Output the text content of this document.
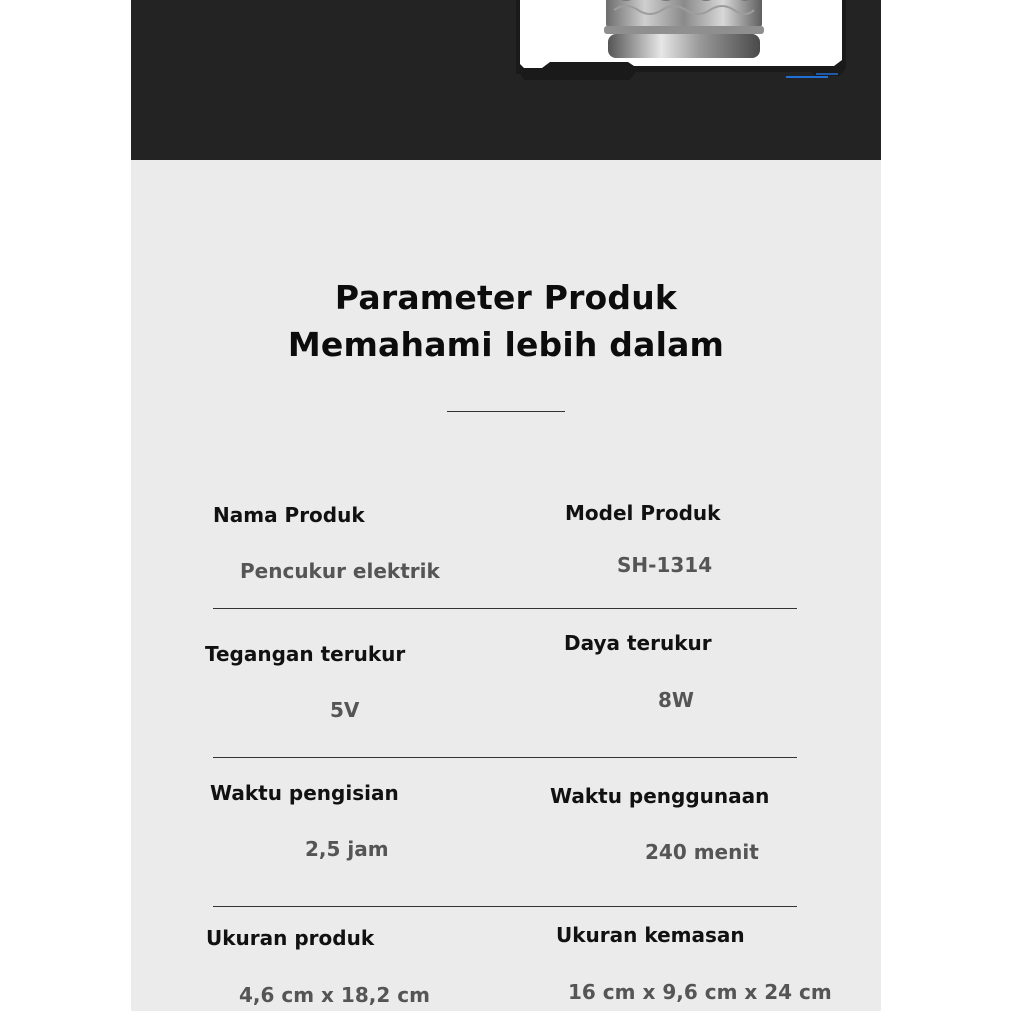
Parameter Produk
Memahami lebih dalam
Nama Produk
Pencukur elektrik
Model Produk
SH-1314
Tegangan terukur
5V
Daya terukur
8W
Waktu pengisian
2,5 jam
Waktu penggunaan
240 menit
Ukuran produk
4,6 cm x 18,2 cm
Ukuran kemasan
16 cm x 9,6 cm x 24 cm
